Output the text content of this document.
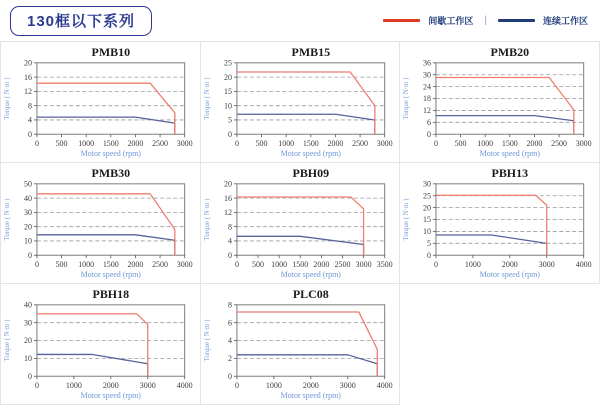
130框以下系列	间歇工作区 |	连续工作区
PMB10
0
4
8
12
16
20
0 500 1000 1500 2000 2500 3000
Motor speed (rpm)
Torque ( N·m )
PMB15
0
5
10
15
20
25
0 500 1000 1500 2000 2500 3000
Motor speed (rpm)
Torque ( N·m )
PMB20
0
6
12
18
24
30
36
0 500 1000 1500 2000 2500 3000
Motor speed (rpm)
Torque ( N·m )
PMB30
0
10
20
30
40
50
0 500 1000 1500 2000 2500 3000
Motor speed (rpm)
Torque ( N·m )
PBH09
0
4
8
12
16
20
0 500 1000 1500 2000 2500 3000 3500
Motor speed (rpm)
Torque ( N·m )
PBH13
0
5
10
15
20
25
30
0	1000	2000	3000	4000
Motor speed (rpm)
Torque ( N·m )
PBH18
0
10
20
30
40
0	1000	2000	3000	4000
Motor speed (rpm)
Torque ( N·m )
PLC08
0
2
4
6
8
0	1000	2000	3000	4000
Motor speed (rpm)
Torque ( N·m )
